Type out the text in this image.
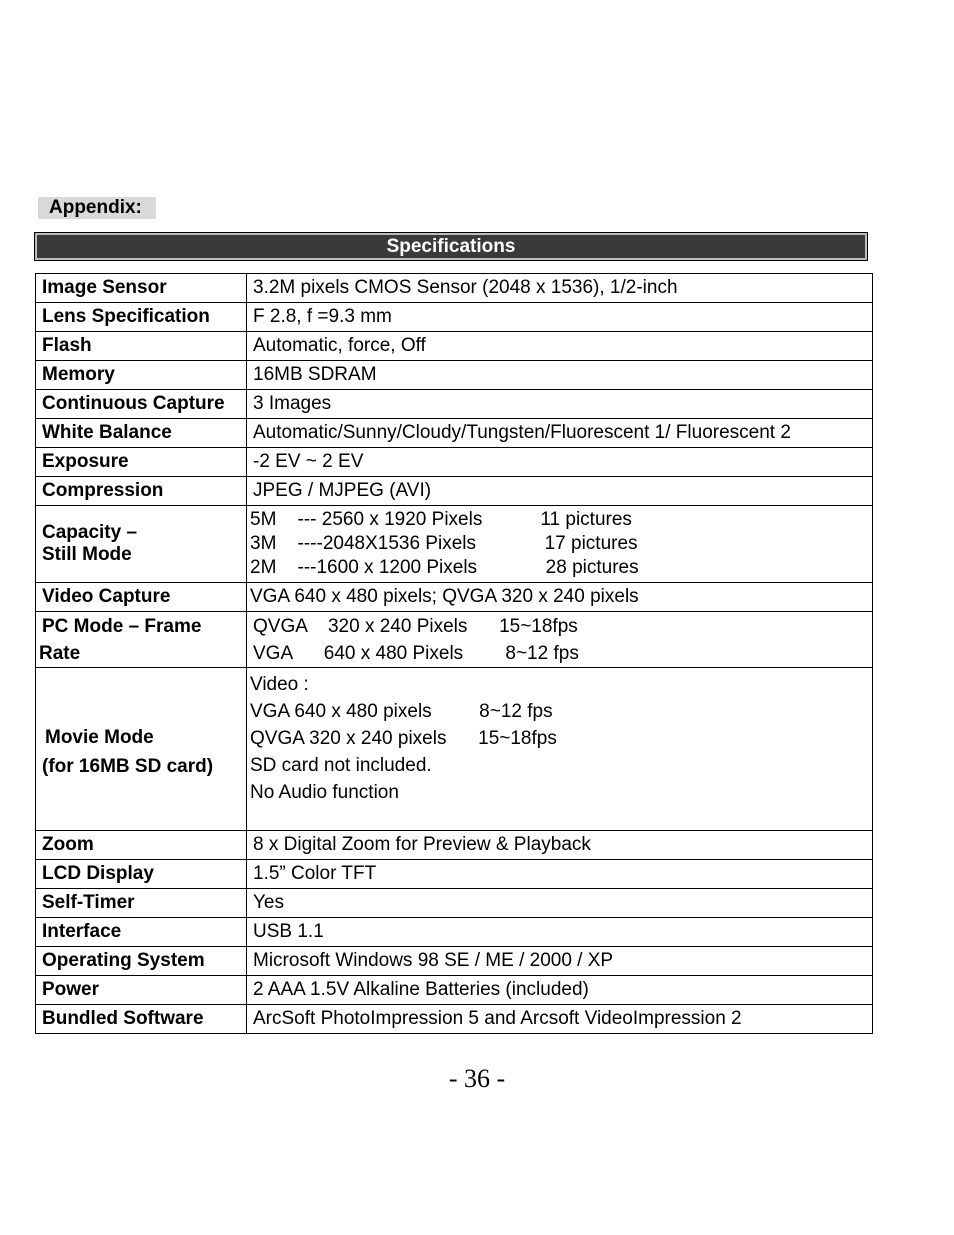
Appendix:
Specifications
Image Sensor	3.2M pixels CMOS Sensor (2048 x 1536), 1/2-inch
Lens Specification	F 2.8, f =9.3 mm
Flash	Automatic, force, Off
Memory	16MB SDRAM
Continuous Capture	3 Images
White Balance	Automatic/Sunny/Cloudy/Tungsten/Fluorescent 1/ Fluorescent 2
Exposure	-2 EV ~ 2 EV
Compression	JPEG / MJPEG (AVI)

Capacity –
Still Mode	5M    --- 2560 x 1920 Pixels           11 pictures
3M    ----2048X1536 Pixels             17 pictures
2M    ---1600 x 1200 Pixels             28 pictures

Video Capture	VGA 640 x 480 pixels; QVGA 320 x 240 pixels

PC Mode – Frame
Rate	QVGA    320 x 240 Pixels      15~18fps
VGA      640 x 480 Pixels        8~12 fps

Movie Mode
(for 16MB SD card)	Video :
VGA 640 x 480 pixels         8~12 fps
QVGA 320 x 240 pixels      15~18fps
SD card not included.
No Audio function

Zoom	8 x Digital Zoom for Preview & Playback
LCD Display	1.5” Color TFT
Self-Timer	Yes
Interface	USB 1.1
Operating System	Microsoft Windows 98 SE / ME / 2000 / XP
Power	2 AAA 1.5V Alkaline Batteries (included)
Bundled Software	ArcSoft PhotoImpression 5 and Arcsoft VideoImpression 2
- 36 -
